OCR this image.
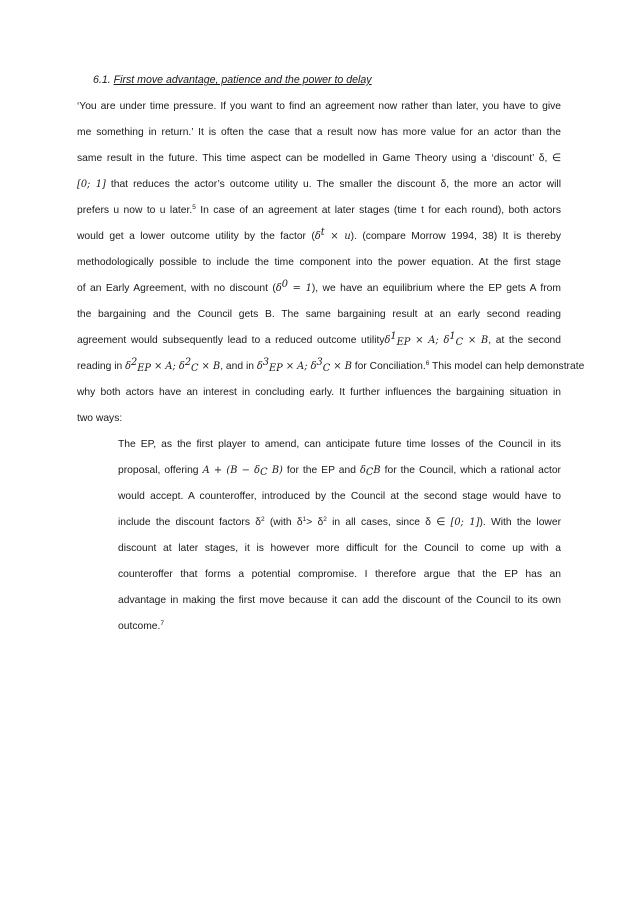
6.1. First move advantage, patience and the power to delay
‘You are under time pressure. If you want to find an agreement now rather than later, you have to give
me something in return.’ It is often the case that a result now has more value for an actor than the
same result in the future. This time aspect can be modelled in Game Theory using a ‘discount’ δ, ∈
[0; 1] that reduces the actor’s outcome utility u. The smaller the discount δ, the more an actor will
prefers u now to u later.$^5$ In case of an agreement at later stages (time t for each round), both actors
would get a lower outcome utility by the factor $(\delta^t \times u)$. (compare Morrow 1994, 38) It is thereby
methodologically possible to include the time component into the power equation. At the first stage
of an Early Agreement, with no discount $(\delta^0 = 1)$, we have an equilibrium where the EP gets A from
the bargaining and the Council gets B. The same bargaining result at an early second reading
agreement would subsequently lead to a reduced outcome utilityδ$^1_{EP}$ × A; $\delta^1_C \times B$, at the second
reading in $\delta^2_{EP} \times A$; $\delta^2_C \times B$, and in $\delta^3_{EP} \times A$; $\delta^3_C \times B$ for Conciliation.$^6$ This model can help demonstrate
why both actors have an interest in concluding early. It further influences the bargaining situation in
two ways:
The EP, as the first player to amend, can anticipate future time losses of the Council in its
proposal, offering $A + (B - \delta_C$ B) for the EP and $\delta_CB$ for the Council, which a rational actor
would accept. A counteroffer, introduced by the Council at the second stage would have to
include the discount factors $\delta^2$ (with $\delta^1> \delta^2$ in all cases, since δ ∈ [0; 1]). With the lower
discount at later stages, it is however more difficult for the Council to come up with a
counteroffer that forms a potential compromise. I therefore argue that the EP has an
advantage in making the first move because it can add the discount of the Council to its own
outcome.$^7$
